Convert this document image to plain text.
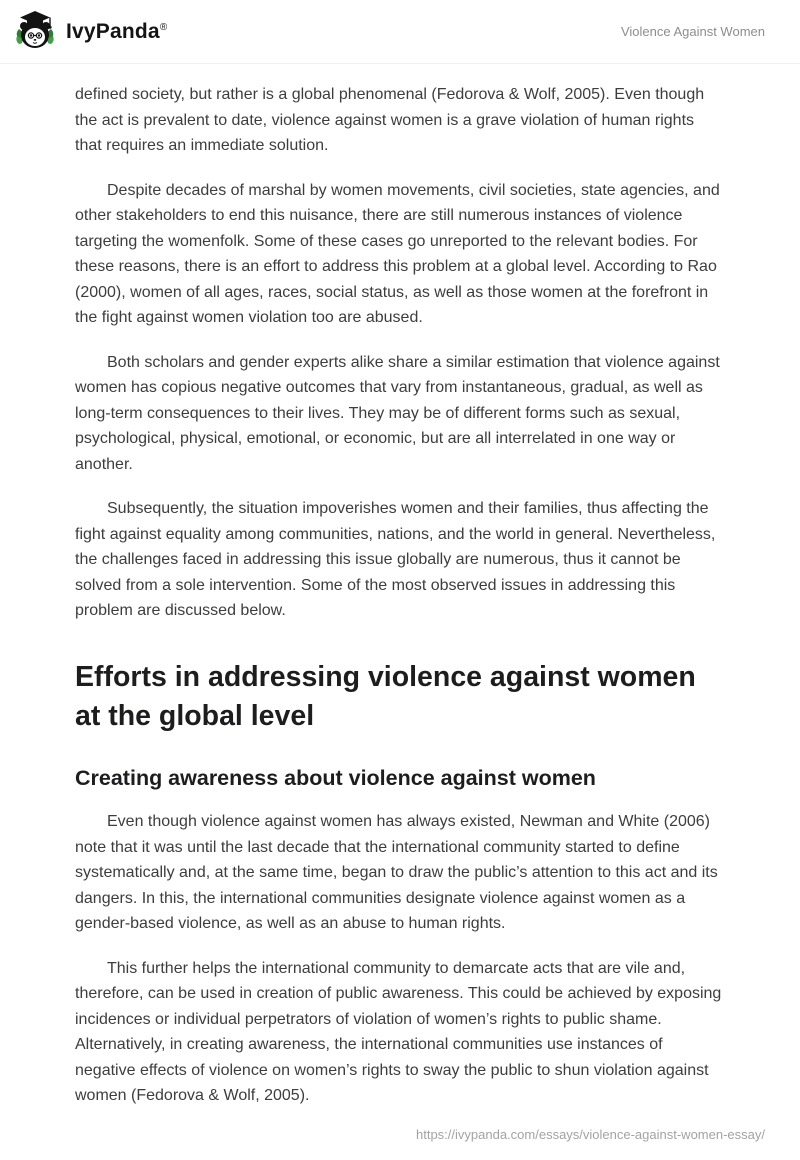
IvyPanda®	Violence Against Women

defined society, but rather is a global phenomenal (Fedorova & Wolf, 2005). Even though the act is prevalent to date, violence against women is a grave violation of human rights that requires an immediate solution.

Despite decades of marshal by women movements, civil societies, state agencies, and other stakeholders to end this nuisance, there are still numerous instances of violence targeting the womenfolk. Some of these cases go unreported to the relevant bodies. For these reasons, there is an effort to address this problem at a global level. According to Rao (2000), women of all ages, races, social status, as well as those women at the forefront in the fight against women violation too are abused.

Both scholars and gender experts alike share a similar estimation that violence against women has copious negative outcomes that vary from instantaneous, gradual, as well as long-term consequences to their lives. They may be of different forms such as sexual, psychological, physical, emotional, or economic, but are all interrelated in one way or another.

Subsequently, the situation impoverishes women and their families, thus affecting the fight against equality among communities, nations, and the world in general. Nevertheless, the challenges faced in addressing this issue globally are numerous, thus it cannot be solved from a sole intervention. Some of the most observed issues in addressing this problem are discussed below.

Efforts in addressing violence against women at the global level
Creating awareness about violence against women

Even though violence against women has always existed, Newman and White (2006) note that it was until the last decade that the international community started to define systematically and, at the same time, began to draw the public’s attention to this act and its dangers. In this, the international communities designate violence against women as a gender-based violence, as well as an abuse to human rights.

This further helps the international community to demarcate acts that are vile and, therefore, can be used in creation of public awareness. This could be achieved by exposing incidences or individual perpetrators of violation of women’s rights to public shame. Alternatively, in creating awareness, the international communities use instances of negative effects of violence on women’s rights to sway the public to shun violation against women (Fedorova & Wolf, 2005).

https://ivypanda.com/essays/violence-against-women-essay/
